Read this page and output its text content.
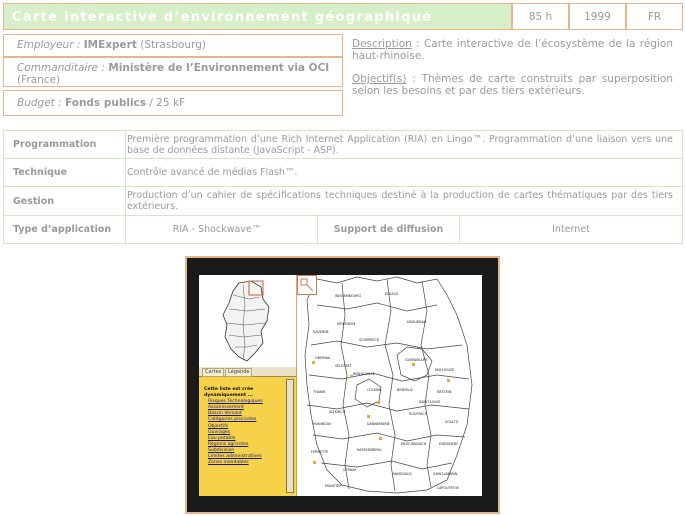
Carte interactive d’environnement géographique	85 h	1999	FR
Employeur : IMExpert (Strasbourg)
Commanditaire : Ministère de l’Environnement via OCI
(France)
Budget : Fonds publics / 25 kF
Description : Carte interactive de l’écosystème de la région haut-rhinoise.
Objectif(s) : Thèmes de carte construits par superposition selon les besoins et par des tiers extérieurs.
Programmation	Première programmation d’une Rich Internet Application (RIA) en Lingo™. Programmation d’une liaison vers une base de données distante (JavaScript - ASP).
Technique	Contrôle avancé de médias Flash™.
Gestion	Production d’un cahier de spécifications techniques destiné à la production de cartes thématiques par des tiers extérieurs.
Type d’application	RIA - Shockwave™	Support de diffusion	Internet
Cartes	Légende
Cette liste est crée dynamiquement ...
Risques Technologiques
Assainissement
Bassin Versant
Catégories piscicoles
Objectifs
Ouvrages
Eau potable
Régions agricoles
Subdivision
Limites administratives
Zones inondables
ELSASS
WISSEMBOURG
MOLSHEIM
SAVERNE
HAGUENAU
SCHIRMECK
OBERNAI
SELESTAT
RIBEAUVILLE
COLMAR
GUEBWILLER
MULHOUSE
THANN
ALTKIRCH
SAINT-LOUIS
BENFELD	ERSTEIN
ROUFFACH
SOULTZ
HUNINGUE	DANNEMARIE
FERRETTE	KAYSERSBERG
NEUF-BRISACH	ENSISHEIM
CERNAY
MASEVAUX	SAINT-AMARIN
MUNSTER	LAPOUTROIE
